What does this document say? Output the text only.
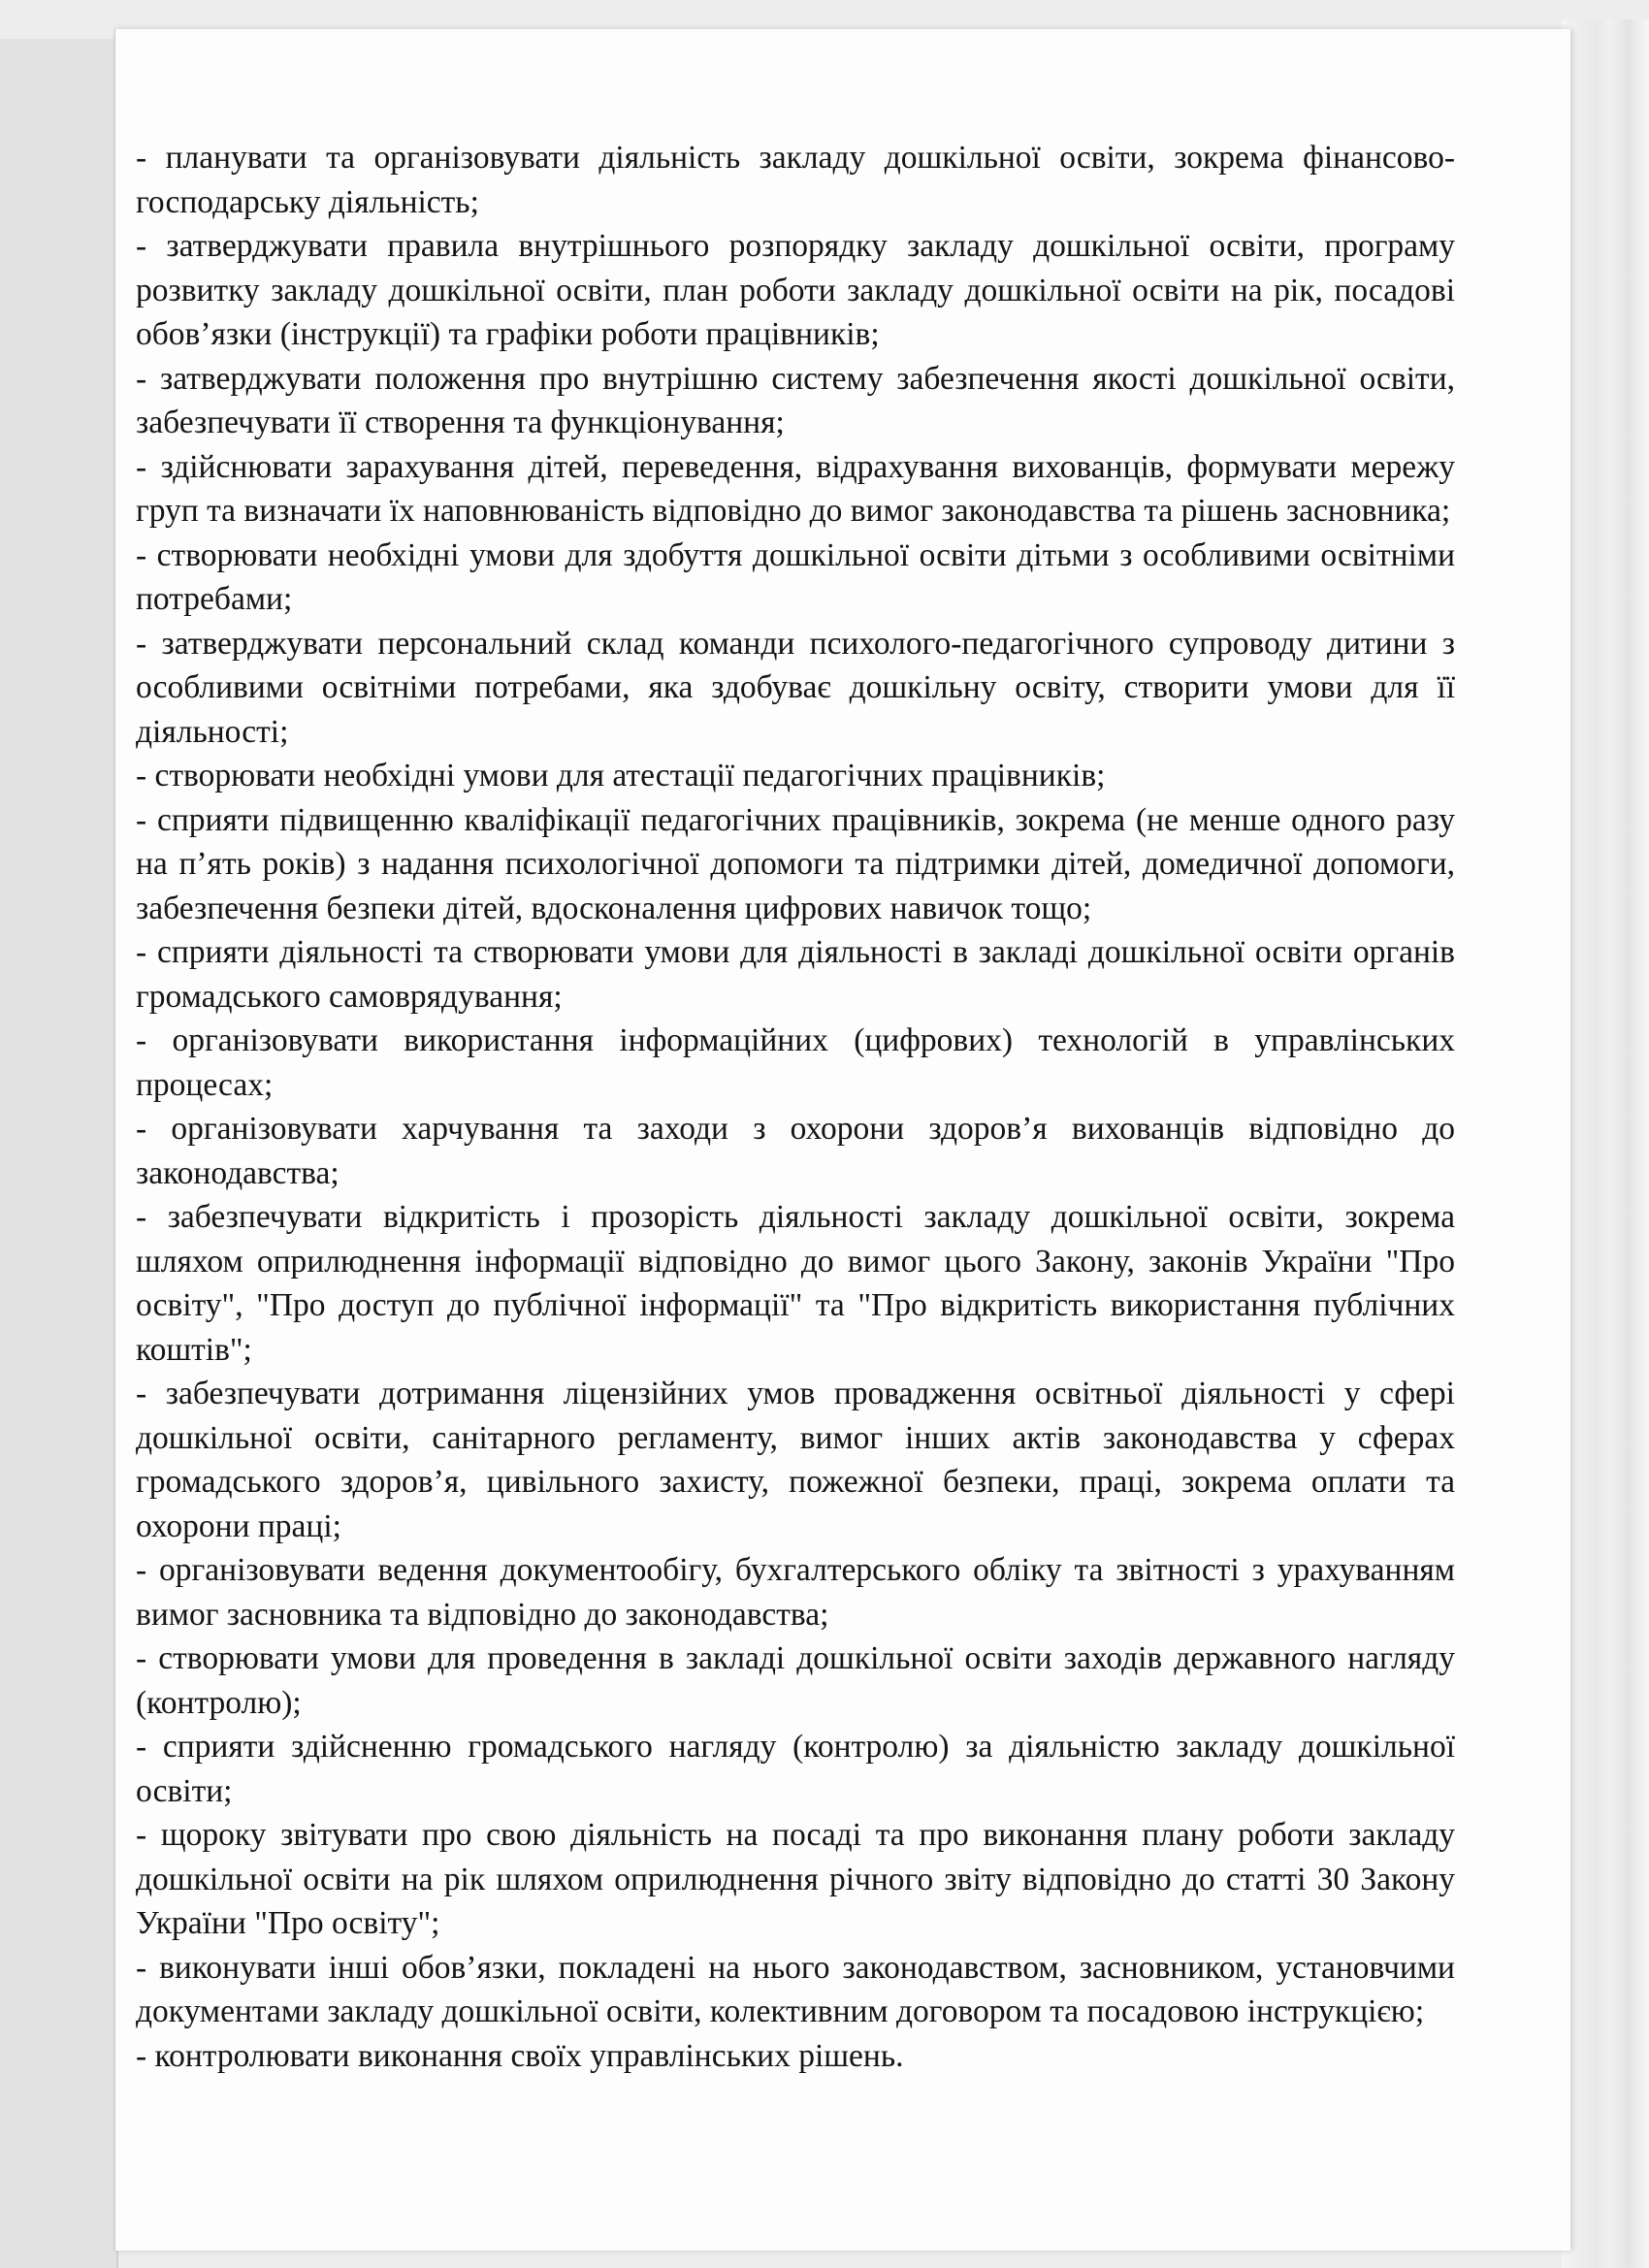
- планувати та організовувати діяльність закладу дошкільної освіти, зокрема фінансово-господарську діяльність;

- затверджувати правила внутрішнього розпорядку закладу дошкільної освіти, програму розвитку закладу дошкільної освіти, план роботи закладу дошкільної освіти на рік, посадові обов’язки (інструкції) та графіки роботи працівників;

- затверджувати положення про внутрішню систему забезпечення якості дошкільної освіти, забезпечувати її створення та функціонування;

- здійснювати зарахування дітей, переведення, відрахування вихованців, формувати мережу груп та визначати їх наповнюваність відповідно до вимог законодавства та рішень засновника;

- створювати необхідні умови для здобуття дошкільної освіти дітьми з особливими освітніми потребами;

- затверджувати персональний склад команди психолого-педагогічного супроводу дитини з особливими освітніми потребами, яка здобуває дошкільну освіту, створити умови для її діяльності;

- створювати необхідні умови для атестації педагогічних працівників;

- сприяти підвищенню кваліфікації педагогічних працівників, зокрема (не менше одного разу на п’ять років) з надання психологічної допомоги та підтримки дітей, домедичної допомоги, забезпечення безпеки дітей, вдосконалення цифрових навичок тощо;

- сприяти діяльності та створювати умови для діяльності в закладі дошкільної освіти органів громадського самоврядування;

- організовувати використання інформаційних (цифрових) технологій в управлінських процесах;

- організовувати харчування та заходи з охорони здоров’я вихованців відповідно до законодавства;

- забезпечувати відкритість і прозорість діяльності закладу дошкільної освіти, зокрема шляхом оприлюднення інформації відповідно до вимог цього Закону, законів України "Про освіту", "Про доступ до публічної інформації" та "Про відкритість використання публічних коштів";

- забезпечувати дотримання ліцензійних умов провадження освітньої діяльності у сфері дошкільної освіти, санітарного регламенту, вимог інших актів законодавства у сферах громадського здоров’я, цивільного захисту, пожежної безпеки, праці, зокрема оплати та охорони праці;

- організовувати ведення документообігу, бухгалтерського обліку та звітності з урахуванням вимог засновника та відповідно до законодавства;

- створювати умови для проведення в закладі дошкільної освіти заходів державного нагляду (контролю);

- сприяти здійсненню громадського нагляду (контролю) за діяльністю закладу дошкільної освіти;

- щороку звітувати про свою діяльність на посаді та про виконання плану роботи закладу дошкільної освіти на рік шляхом оприлюднення річного звіту відповідно до статті 30 Закону України "Про освіту";

- виконувати інші обов’язки, покладені на нього законодавством, засновником, установчими документами закладу дошкільної освіти, колективним договором та посадовою інструкцією;

- контролювати виконання своїх управлінських рішень.
